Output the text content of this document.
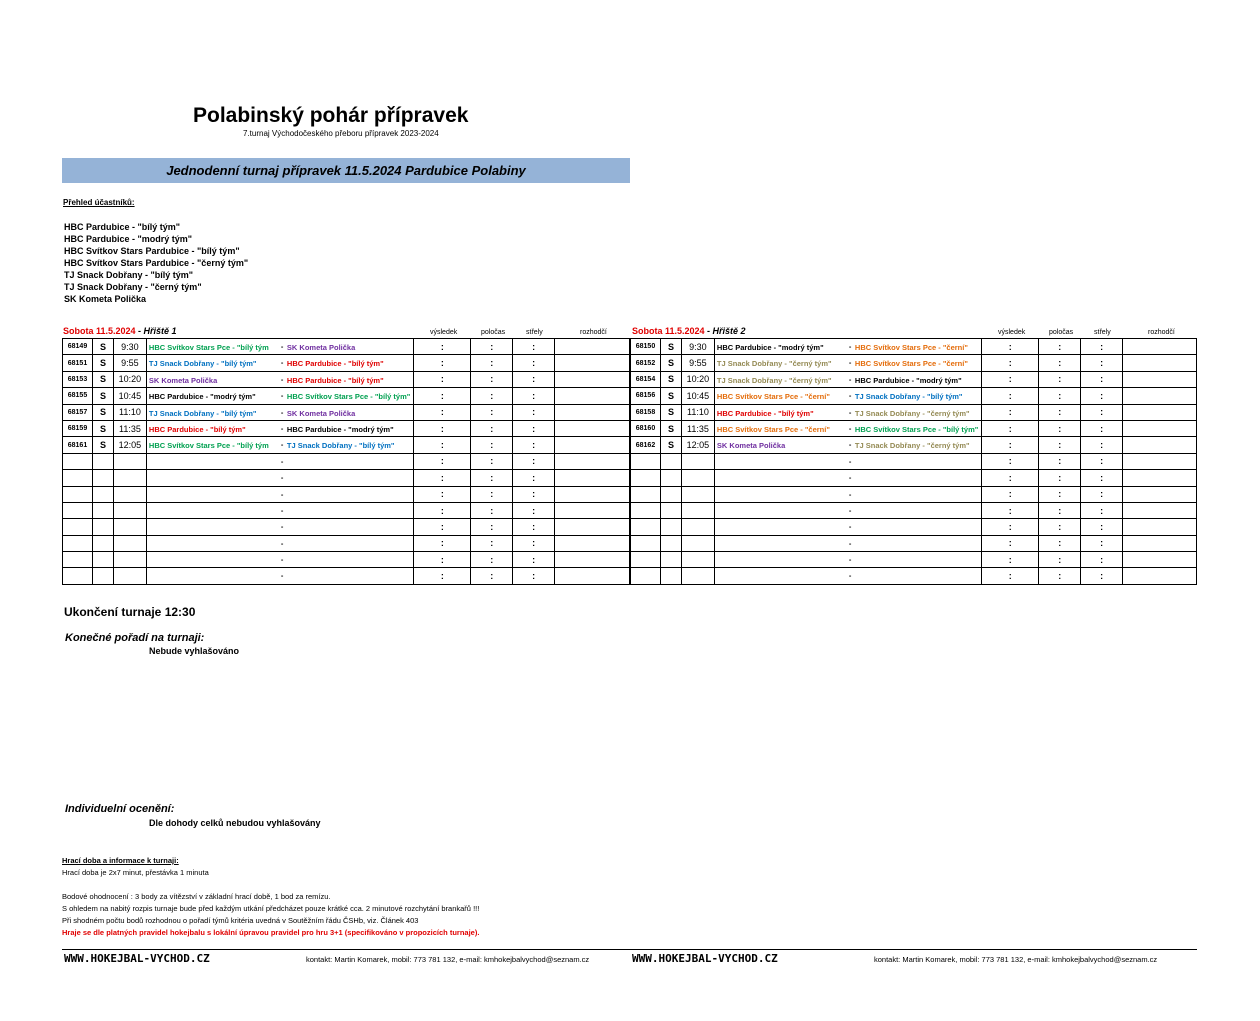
Polabinský pohár přípravek
7.turnaj Východočeského přeboru přípravek 2023-2024
Jednodenní turnaj přípravek 11.5.2024 Pardubice Polabiny
Přehled účastníků:
HBC Pardubice - "bílý tým"
HBC Pardubice - "modrý tým"
HBC Svítkov Stars Pardubice - "bílý tým"
HBC Svítkov Stars Pardubice - "černý tým"
TJ Snack Dobřany - "bílý tým"
TJ Snack Dobřany - "černý tým"
SK Kometa Polička
Sobota 11.5.2024 - Hřiště 1	výsledek	poločas	střely	rozhodčí	Sobota 11.5.2024 - Hřiště 2	výsledek	poločas	střely	rozhodčí
68149	S	9:30	HBC Svítkov Stars Pce - "bílý tým - SK Kometa Polička	:	:	:	
68151	S	9:55	TJ Snack Dobřany - "bílý tým" - HBC Pardubice - "bílý tým"	:	:	:	
68153	S	10:20	SK Kometa Polička - HBC Pardubice - "bílý tým"	:	:	:	
68155	S	10:45	HBC Pardubice - "modrý tým" - HBC Svítkov Stars Pce - "bílý tým"	:	:	:	
68157	S	11:10	TJ Snack Dobřany - "bílý tým" - SK Kometa Polička	:	:	:	
68159	S	11:35	HBC Pardubice - "bílý tým" - HBC Pardubice - "modrý tým"	:	:	:	
68161	S	12:05	HBC Svítkov Stars Pce - "bílý tým - TJ Snack Dobřany - "bílý tým"	:	:	:	

			-	:	:	:	

			-	:	:	:	

			-	:	:	:	

			-	:	:	:	

			-	:	:	:	

			-	:	:	:	

			-	:	:	:	

			-	:	:	:	
68150	S	9:30	HBC Pardubice - "modrý tým" - HBC Svítkov Stars Pce - "černí"	:	:	:	
68152	S	9:55	TJ Snack Dobřany - "černý tým" - HBC Svítkov Stars Pce - "černí"	:	:	:	
68154	S	10:20	TJ Snack Dobřany - "černý tým" - HBC Pardubice - "modrý tým"	:	:	:	
68156	S	10:45	HBC Svítkov Stars Pce - "černí" - TJ Snack Dobřany - "bílý tým"	:	:	:	
68158	S	11:10	HBC Pardubice - "bílý tým" - TJ Snack Dobřany - "černý tým"	:	:	:	
68160	S	11:35	HBC Svítkov Stars Pce - "černí" - HBC Svítkov Stars Pce - "bílý tým"	:	:	:	
68162	S	12:05	SK Kometa Polička - TJ Snack Dobřany - "černý tým"	:	:	:	

			-	:	:	:	

			-	:	:	:	

			-	:	:	:	

			-	:	:	:	

			-	:	:	:	

			-	:	:	:	

			-	:	:	:	

			-	:	:	:	
Ukončení turnaje 12:30
Konečné pořadí na turnaji:
Nebude vyhlašováno
Individuelní ocenění:
Dle dohody celků nebudou vyhlašovány
Hrací doba a informace k turnaji:
Hrací doba je 2x7 minut, přestávka 1 minuta
Bodové ohodnocení : 3 body za vítězství v základní hrací době, 1 bod za remízu.
S ohledem na nabitý rozpis turnaje bude před každým utkání předcházet pouze krátké cca. 2 minutové rozchytání brankařů !!!
Při shodném počtu bodů rozhodnou o pořadí týmů kritéria uvedná v Soutěžním řádu ČSHb, viz. Článek 403
Hraje se dle platných pravidel hokejbalu s lokální úpravou pravidel pro hru 3+1 (specifikováno v propozicích turnaje).
WWW.HOKEJBAL-VYCHOD.CZ	kontakt: Martin Komarek, mobil: 773 781 132, e-mail: kmhokejbalvychod@seznam.cz	WWW.HOKEJBAL-VYCHOD.CZ	kontakt: Martin Komarek, mobil: 773 781 132, e-mail: kmhokejbalvychod@seznam.cz
